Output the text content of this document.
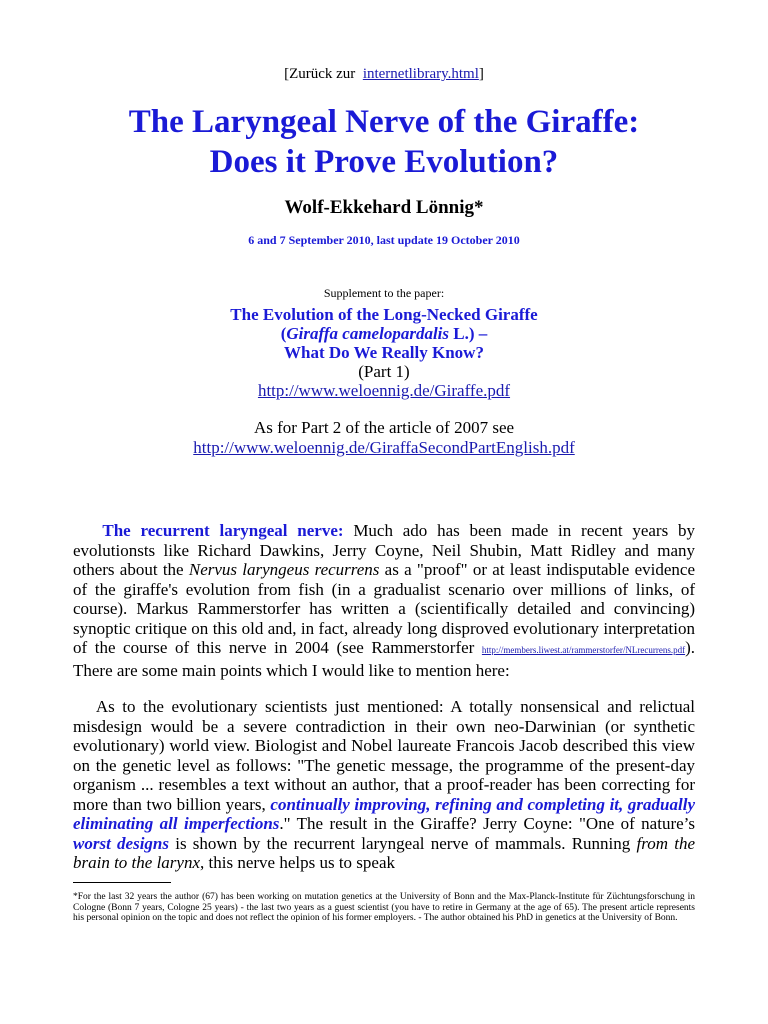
[Zurück zur internetlibrary.html]
The Laryngeal Nerve of the Giraffe:
Does it Prove Evolution?
Wolf-Ekkehard Lönnig*
6 and 7 September 2010, last update 19 October 2010
Supplement to the paper:
The Evolution of the Long-Necked Giraffe
(Giraffa camelopardalis L.) –
What Do We Really Know?
(Part 1)
http://www.weloennig.de/Giraffe.pdf
As for Part 2 of the article of 2007 see
http://www.weloennig.de/GiraffaSecondPartEnglish.pdf
The recurrent laryngeal nerve: Much ado has been made in recent years by evolutionsts like Richard Dawkins, Jerry Coyne, Neil Shubin, Matt Ridley and many others about the Nervus laryngeus recurrens as a "proof" or at least indisputable evidence of the giraffe's evolution from fish (in a gradualist scenario over millions of links, of course). Markus Rammerstorfer has written a (scientifically detailed and convincing) synoptic critique on this old and, in fact, already long disproved evolutionary interpretation of the course of this nerve in 2004 (see Rammerstorfer http://members.liwest.at/rammerstorfer/NLrecurrens.pdf). There are some main points which I would like to mention here:
As to the evolutionary scientists just mentioned: A totally nonsensical and relictual misdesign would be a severe contradiction in their own neo-Darwinian (or synthetic evolutionary) world view. Biologist and Nobel laureate Francois Jacob described this view on the genetic level as follows: "The genetic message, the programme of the present-day organism ... resembles a text without an author, that a proof-reader has been correcting for more than two billion years, continually improving, refining and completing it, gradually eliminating all imperfections." The result in the Giraffe? Jerry Coyne: "One of nature’s worst designs is shown by the recurrent laryngeal nerve of mammals. Running from the brain to the larynx, this nerve helps us to speak
*For the last 32 years the author (67) has been working on mutation genetics at the University of Bonn and the Max-Planck-Institute für Züchtungsforschung in Cologne (Bonn 7 years, Cologne 25 years) - the last two years as a guest scientist (you have to retire in Germany at the age of 65). The present article represents his personal opinion on the topic and does not reflect the opinion of his former employers. - The author obtained his PhD in genetics at the University of Bonn.
